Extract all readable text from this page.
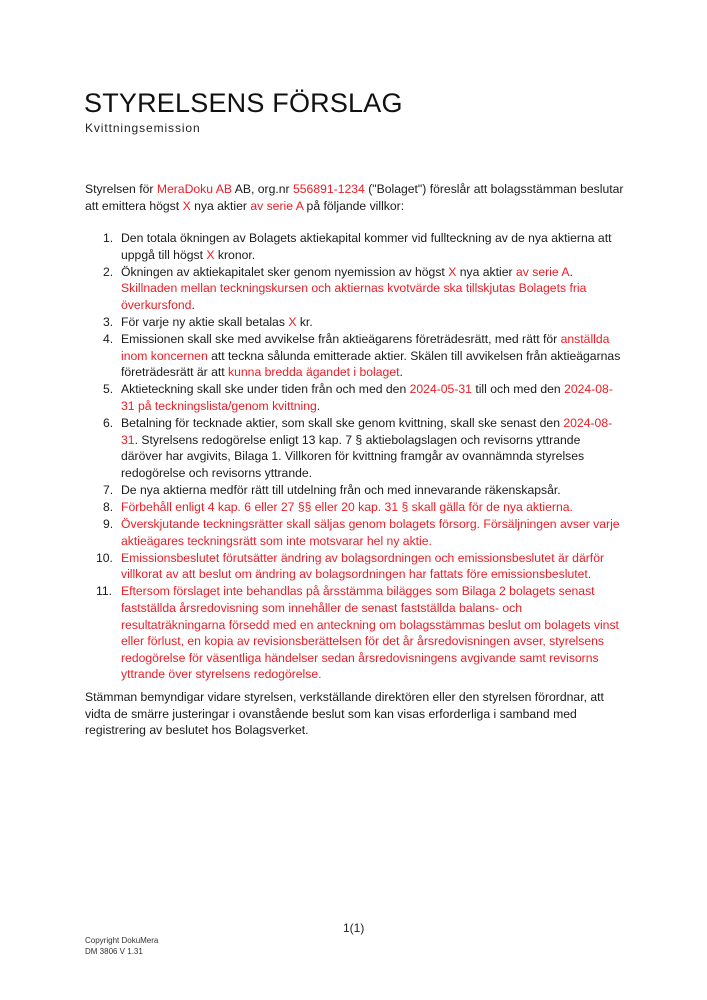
STYRELSENS FÖRSLAG
Kvittningsemission
Styrelsen för MeraDoku AB AB, org.nr 556891-1234 ("Bolaget") föreslår att bolagsstämman beslutar att emittera högst X nya aktier av serie A på följande villkor:
1. Den totala ökningen av Bolagets aktiekapital kommer vid fullteckning av de nya aktierna att uppgå till högst X kronor.
2. Ökningen av aktiekapitalet sker genom nyemission av högst X nya aktier av serie A. Skillnaden mellan teckningskursen och aktiernas kvotvärde ska tillskjutas Bolagets fria överkursfond.
3. För varje ny aktie skall betalas X kr.
4. Emissionen skall ske med avvikelse från aktieägarens företrädesrätt, med rätt för anställda inom koncernen att teckna sålunda emitterade aktier. Skälen till avvikelsen från aktieägarnas företrädesrätt är att kunna bredda ägandet i bolaget.
5. Aktieteckning skall ske under tiden från och med den 2024-05-31 till och med den 2024-08-31 på teckningslista/genom kvittning.
6. Betalning för tecknade aktier, som skall ske genom kvittning, skall ske senast den 2024-08-31. Styrelsens redogörelse enligt 13 kap. 7 § aktiebolagslagen och revisorns yttrande däröver har avgivits, Bilaga 1. Villkoren för kvittning framgår av ovannämnda styrelses redogörelse och revisorns yttrande.
7. De nya aktierna medför rätt till utdelning från och med innevarande räkenskapsår.
8. Förbehåll enligt 4 kap. 6 eller 27 §§ eller 20 kap. 31 § skall gälla för de nya aktierna.
9. Överskjutande teckningsrätter skall säljas genom bolagets försorg. Försäljningen avser varje aktieägares teckningsrätt som inte motsvarar hel ny aktie.
10. Emissionsbeslutet förutsätter ändring av bolagsordningen och emissionsbeslutet är därför villkorat av att beslut om ändring av bolagsordningen har fattats före emissionsbeslutet.
11. Eftersom förslaget inte behandlas på årsstämma bilägges som Bilaga 2 bolagets senast fastställda årsredovisning som innehåller de senast fastställda balans- och resultaträkningarna försedd med en anteckning om bolagsstämmas beslut om bolagets vinst eller förlust, en kopia av revisionsberättelsen för det år årsredovisningen avser, styrelsens redogörelse för väsentliga händelser sedan årsredovisningens avgivande samt revisorns yttrande över styrelsens redogörelse.
Stämman bemyndigar vidare styrelsen, verkställande direktören eller den styrelsen förordnar, att vidta de smärre justeringar i ovanstående beslut som kan visas erforderliga i samband med registrering av beslutet hos Bolagsverket.
1(1)
Copyright DokuMera
DM 3806 V 1.31
